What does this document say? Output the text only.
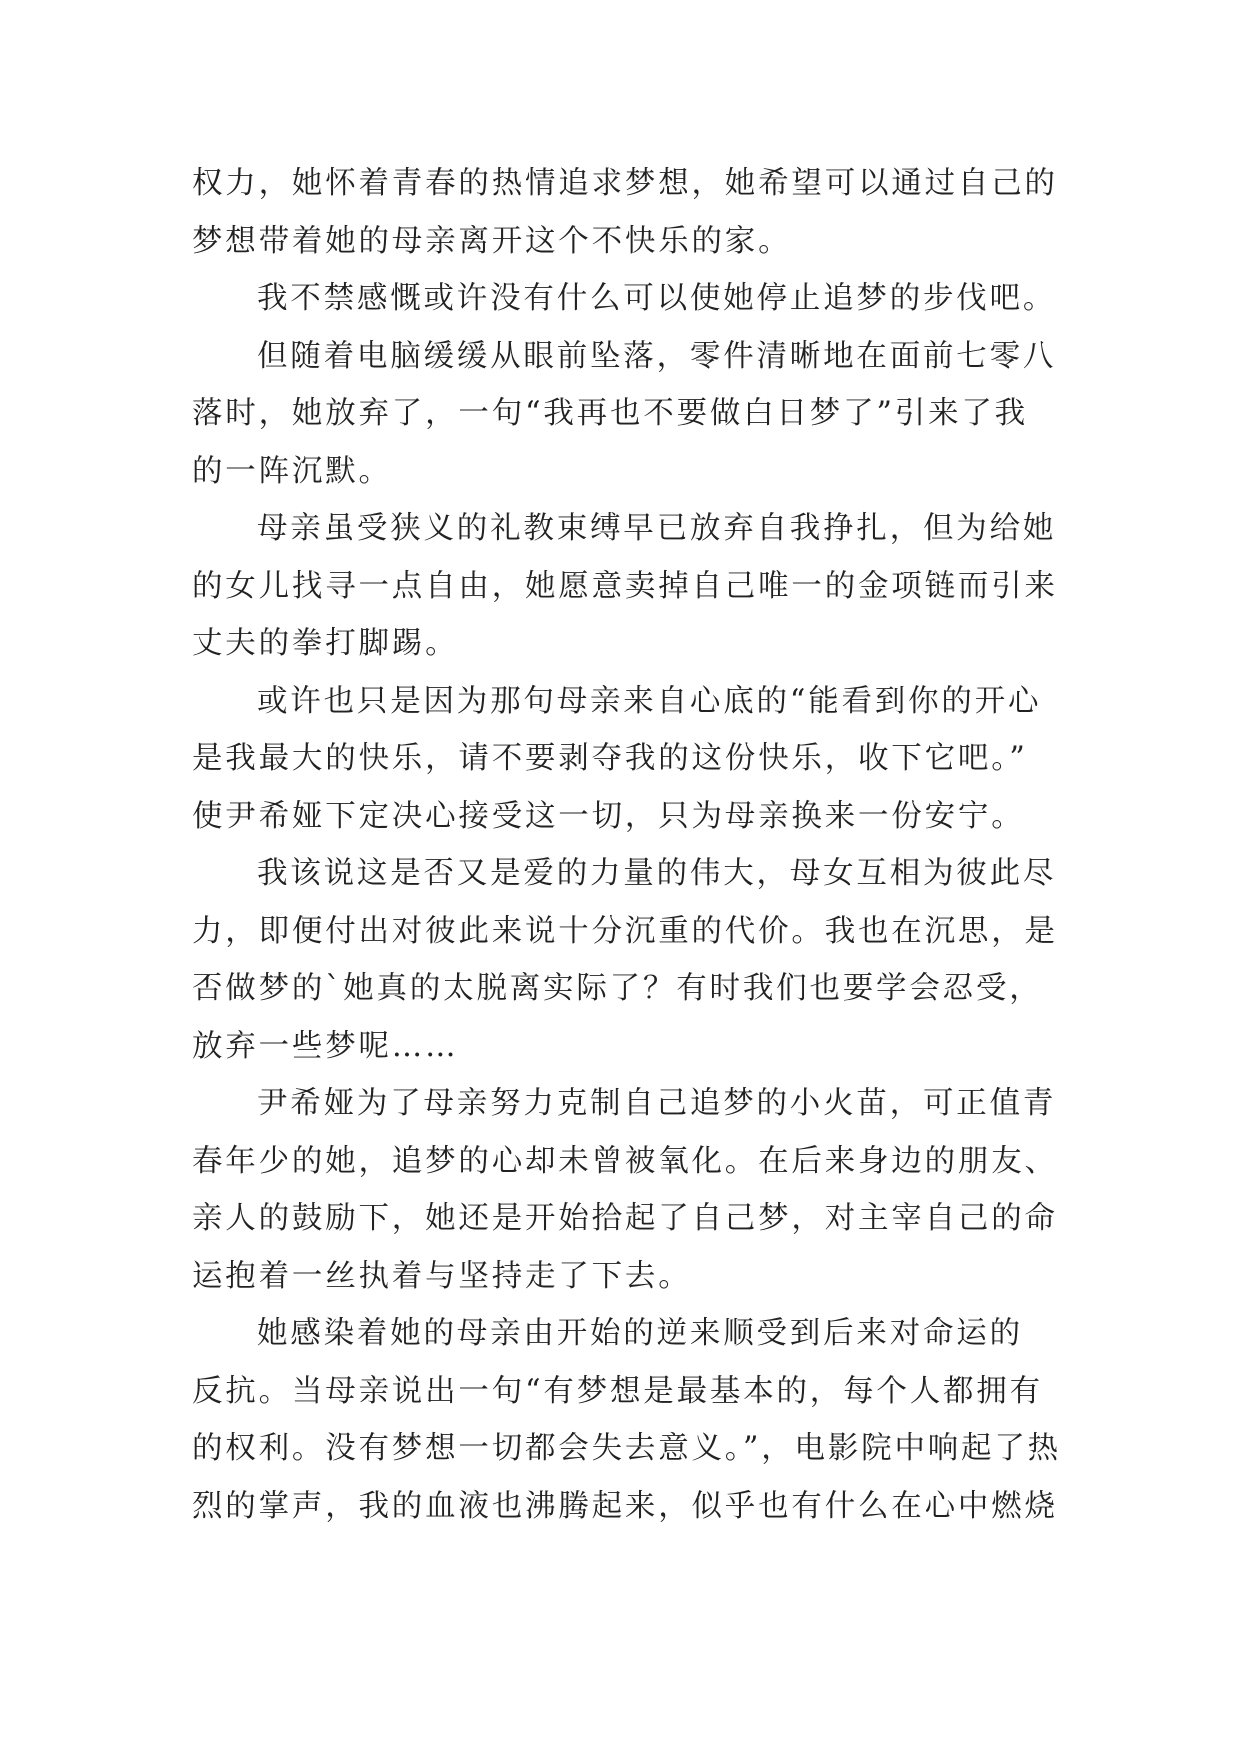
权力，她怀着青春的热情追求梦想，她希望可以通过自己的
梦想带着她的母亲离开这个不快乐的家。
我不禁感慨或许没有什么可以使她停止追梦的步伐吧。
但随着电脑缓缓从眼前坠落，零件清晰地在面前七零八
落时，她放弃了，一句“我再也不要做白日梦了”引来了我
的一阵沉默。
母亲虽受狭义的礼教束缚早已放弃自我挣扎，但为给她
的女儿找寻一点自由，她愿意卖掉自己唯一的金项链而引来
丈夫的拳打脚踢。
或许也只是因为那句母亲来自心底的“能看到你的开心
是我最大的快乐，请不要剥夺我的这份快乐，收下它吧。”
使尹希娅下定决心接受这一切，只为母亲换来一份安宁。
我该说这是否又是爱的力量的伟大，母女互相为彼此尽
力，即便付出对彼此来说十分沉重的代价。我也在沉思，是
否做梦的`她真的太脱离实际了？有时我们也要学会忍受，
放弃一些梦呢……
尹希娅为了母亲努力克制自己追梦的小火苗，可正值青
春年少的她，追梦的心却未曾被氧化。在后来身边的朋友、
亲人的鼓励下，她还是开始拾起了自己梦，对主宰自己的命
运抱着一丝执着与坚持走了下去。
她感染着她的母亲由开始的逆来顺受到后来对命运的
反抗。当母亲说出一句“有梦想是最基本的，每个人都拥有
的权利。没有梦想一切都会失去意义。”，电影院中响起了热
烈的掌声，我的血液也沸腾起来，似乎也有什么在心中燃烧
